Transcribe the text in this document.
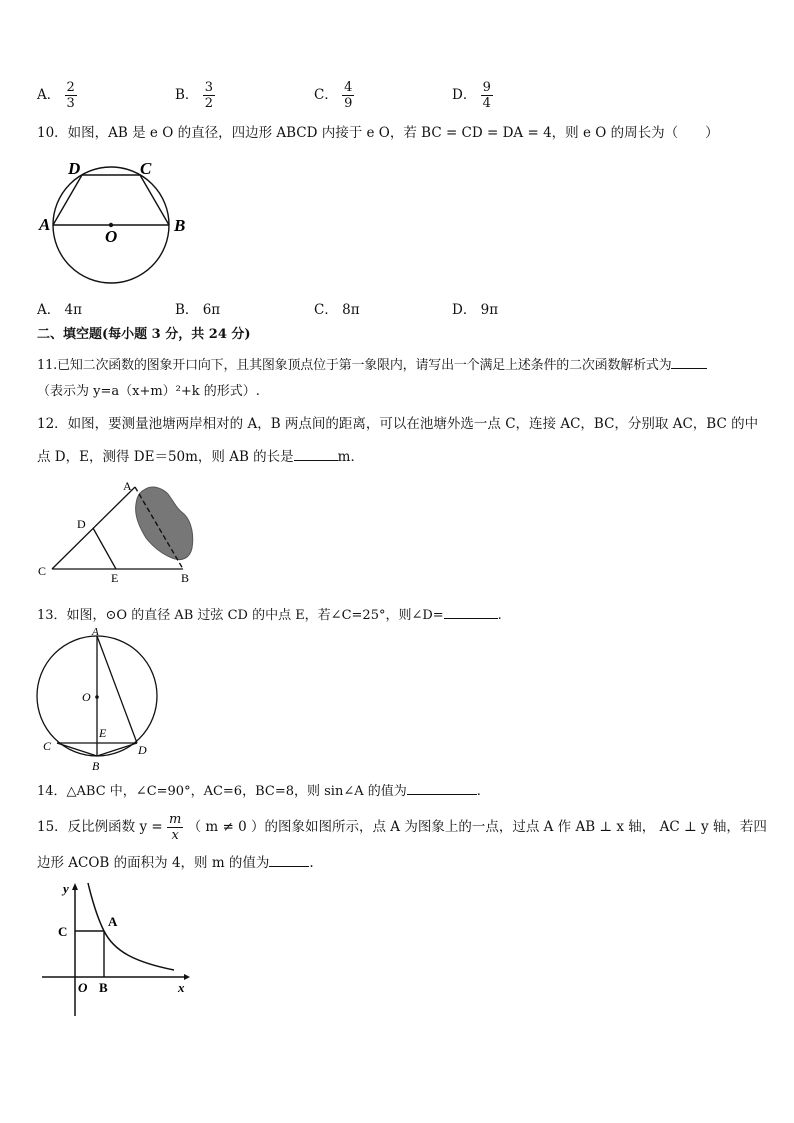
A． $\frac{2}{3}$	B． $\frac{3}{2}$	C． $\frac{4}{9}$	D． $\frac{9}{4}$
10．如图，AB 是 e O 的直径，四边形 ABCD 内接于 e O，若 BC = CD = DA = 4，则 e O 的周长为（　　）
D	C
A	B
O
A． 4π	B． 6π	C． 8π	D． 9π
二、填空题(每小题 3 分，共 24 分)
11.已知二次函数的图象开口向下，且其图象顶点位于第一象限内，请写出一个满足上述条件的二次函数解析式为
（表示为 y=a（x+m）²+k 的形式）.
12．如图，要测量池塘两岸相对的 A，B 两点间的距离，可以在池塘外选一点 C，连接 AC，BC，分别取 AC，BC 的中
点 D，E，测得 DE＝50m，则 AB 的长是	m．
A
D
C	E	B
13．如图，⊙O 的直径 AB 过弦 CD 的中点 E，若∠C=25°，则∠D=	.
A
O
E
C	D
B
14．△ABC 中，∠C=90°，AC=6，BC=8，则 sin∠A 的值为	.
15．反比例函数 $y = \frac{m}{x}$ （ m ≠ 0 ）的图象如图所示，点 A 为图象上的一点，过点 A 作 AB ⊥ x 轴， AC ⊥ y 轴，若四
边形 ACOB 的面积为 4，则 m 的值为	.
y
C
A
O B	x
